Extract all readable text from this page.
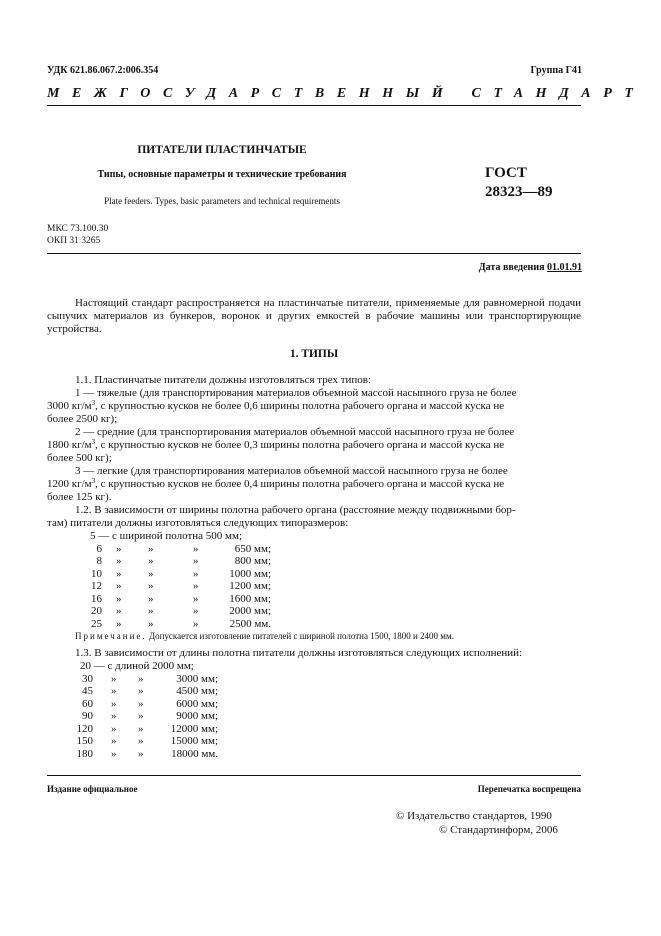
УДК 621.86.067.2:006.354	Группа Г41
МЕЖГОСУДАРСТВЕННЫЙ СТАНДАРТ
ПИТАТЕЛИ ПЛАСТИНЧАТЫЕ
Типы, основные параметры и технические требования
Plate feeders. Types, basic parameters and technical requirements
ГОСТ
28323—89
МКС 73.100.30
ОКП 31 3265
Дата введения 01.01.91
Настоящий стандарт распространяется на пластинчатые питатели, применяемые для равномерной подачи сыпучих материалов из бункеров, воронок и других емкостей в рабочие машины или транспортирующие устройства.
1. ТИПЫ
1.1. Пластинчатые питатели должны изготовляться трех типов:
1 — тяжелые (для транспортирования материалов объемной массой насыпного груза не более
3000 $кг/м^3$, с крупностью кусков не более 0,6 ширины полотна рабочего органа и массой куска не
более 2500 кг);
2 — средние (для транспортирования материалов объемной массой насыпного груза не более
1800 $кг/м^3$, с крупностью кусков не более 0,3 ширины полотна рабочего органа и массой куска не
более 500 кг);
3 — легкие (для транспортирования материалов объемной массой насыпного груза не более
1200 $кг/м^3$, с крупностью кусков не более 0,4 ширины полотна рабочего органа и массой куска не
более 125 кг).
1.2. В зависимости от ширины полотна рабочего органа (расстояние между подвижными бор-
там) питатели должны изготовляться следующих типоразмеров:
5 — с шириной полотна 500 мм;
6 » »	»	650 мм;
8 » »	»	800 мм;
10 » »	»	1000 мм;
12 » »	»	1200 мм;
16 » »	»	1600 мм;
20 » »	»	2000 мм;
25 » »	»	2500 мм.
Примечание. Допускается изготовление питателей с шириной полотна 1500, 1800 и 2400 мм.
1.3. В зависимости от длины полотна питатели должны изготовляться следующих исполнений:
20 — с длиной 2000 мм;
30 » »	3000 мм;
45 » »	4500 мм;
60 » »	6000 мм;
90 » »	9000 мм;
120 » » 12000 мм;
150 » » 15000 мм;
180 » »	18000 мм.
Издание официальное	Перепечатка воспрещена
© Издательство стандартов, 1990
© Стандартинформ, 2006
